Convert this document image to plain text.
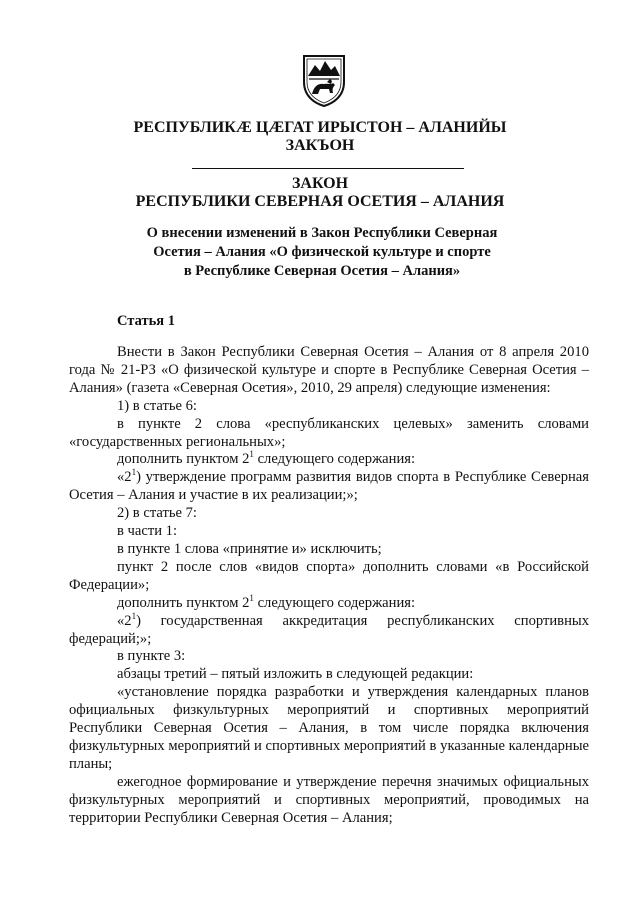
РЕСПУБЛИКӔ ЦӔГАТ ИРЫСТОН – АЛАНИЙЫ
ЗАКЪОН
ЗАКОН
РЕСПУБЛИКИ СЕВЕРНАЯ ОСЕТИЯ – АЛАНИЯ
О внесении изменений в Закон Республики Северная
Осетия – Алания «О физической культуре и спорте
в Республике Северная Осетия – Алания»
Статья 1

Внести в Закон Республики Северная Осетия – Алания от 8 апреля 2010 года № 21-РЗ «О физической культуре и спорте в Республике Северная Осетия – Алания» (газета «Северная Осетия», 2010, 29 апреля) следующие изменения:

1) в статье 6:

в пункте 2 слова «республиканских целевых» заменить словами «государственных региональных»;

дополнить пунктом $2^1$ следующего содержания:

«$2^1$) утверждение программ развития видов спорта в Республике Северная Осетия – Алания и участие в их реализации;»;

2) в статье 7:

в части 1:

в пункте 1 слова «принятие и» исключить;

пункт 2 после слов «видов спорта» дополнить словами «в Российской Федерации»;

дополнить пунктом $2^1$ следующего содержания:

«$2^1$) государственная аккредитация республиканских спортивных федераций;»;

в пункте 3:

абзацы третий – пятый изложить в следующей редакции:

«установление порядка разработки и утверждения календарных планов официальных физкультурных мероприятий и спортивных мероприятий Республики Северная Осетия – Алания, в том числе порядка включения физкультурных мероприятий и спортивных мероприятий в указанные календарные планы;

ежегодное формирование и утверждение перечня значимых официальных физкультурных мероприятий и спортивных мероприятий, проводимых на территории Республики Северная Осетия – Алания;
